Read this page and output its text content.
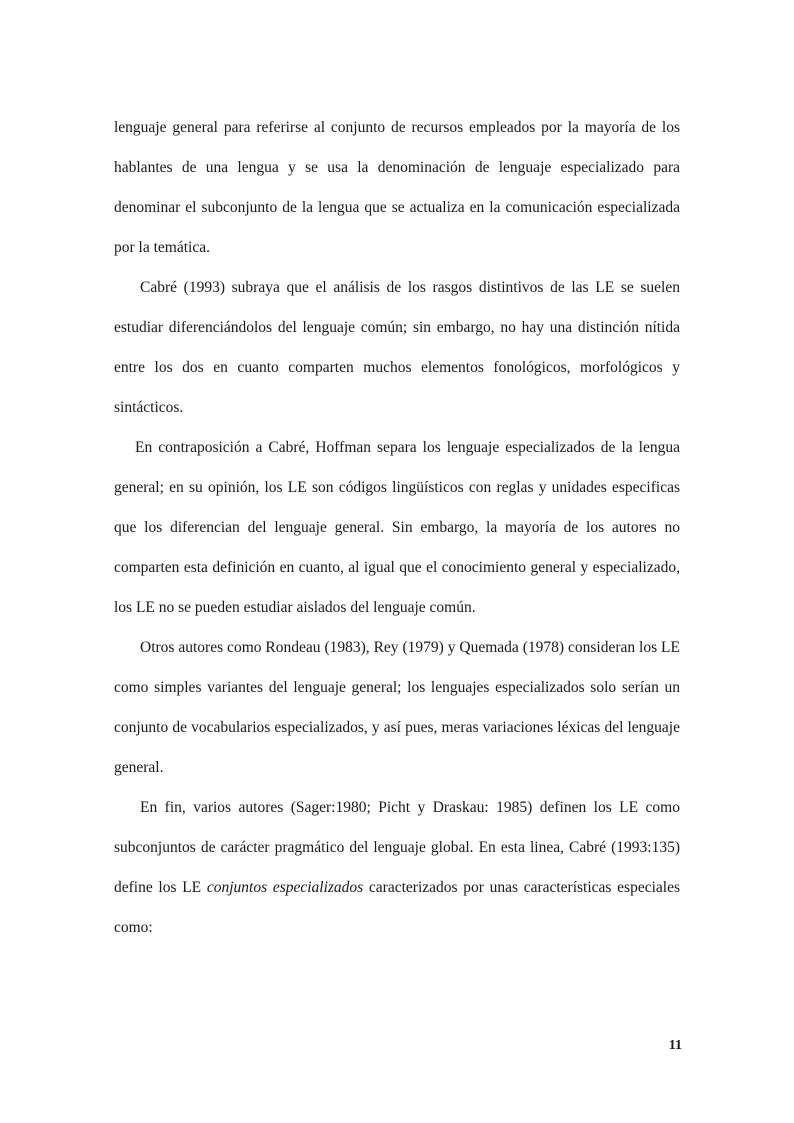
lenguaje general para referirse al conjunto de recursos empleados por la mayoría de los hablantes de una lengua y se usa la denominación de lenguaje especializado para denominar el subconjunto de la lengua que se actualiza en la comunicación especializada por la temática.

Cabré (1993) subraya que el análisis de los rasgos distintivos de las LE se suelen estudiar diferenciándolos del lenguaje común; sin embargo, no hay una distinción nítida entre los dos en cuanto comparten muchos elementos fonológicos, morfológicos y sintácticos.

En contraposición a Cabré, Hoffman separa los lenguaje especializados de la lengua general; en su opinión, los LE son códigos lingüísticos con reglas y unidades especificas que los diferencian del lenguaje general. Sin embargo, la mayoría de los autores no comparten esta definición en cuanto, al igual que el conocimiento general y especializado, los LE no se pueden estudiar aislados del lenguaje común.

Otros autores como Rondeau (1983), Rey (1979) y Quemada (1978) consideran los LE como simples variantes del lenguaje general; los lenguajes especializados solo serían un conjunto de vocabularios especializados, y así pues, meras variaciones léxicas del lenguaje general.

En fin, varios autores (Sager:1980; Picht y Draskau: 1985) definen los LE como subconjuntos de carácter pragmático del lenguaje global. En esta linea, Cabré (1993:135) define los LE conjuntos especializados caracterizados por unas características especiales como:

11
